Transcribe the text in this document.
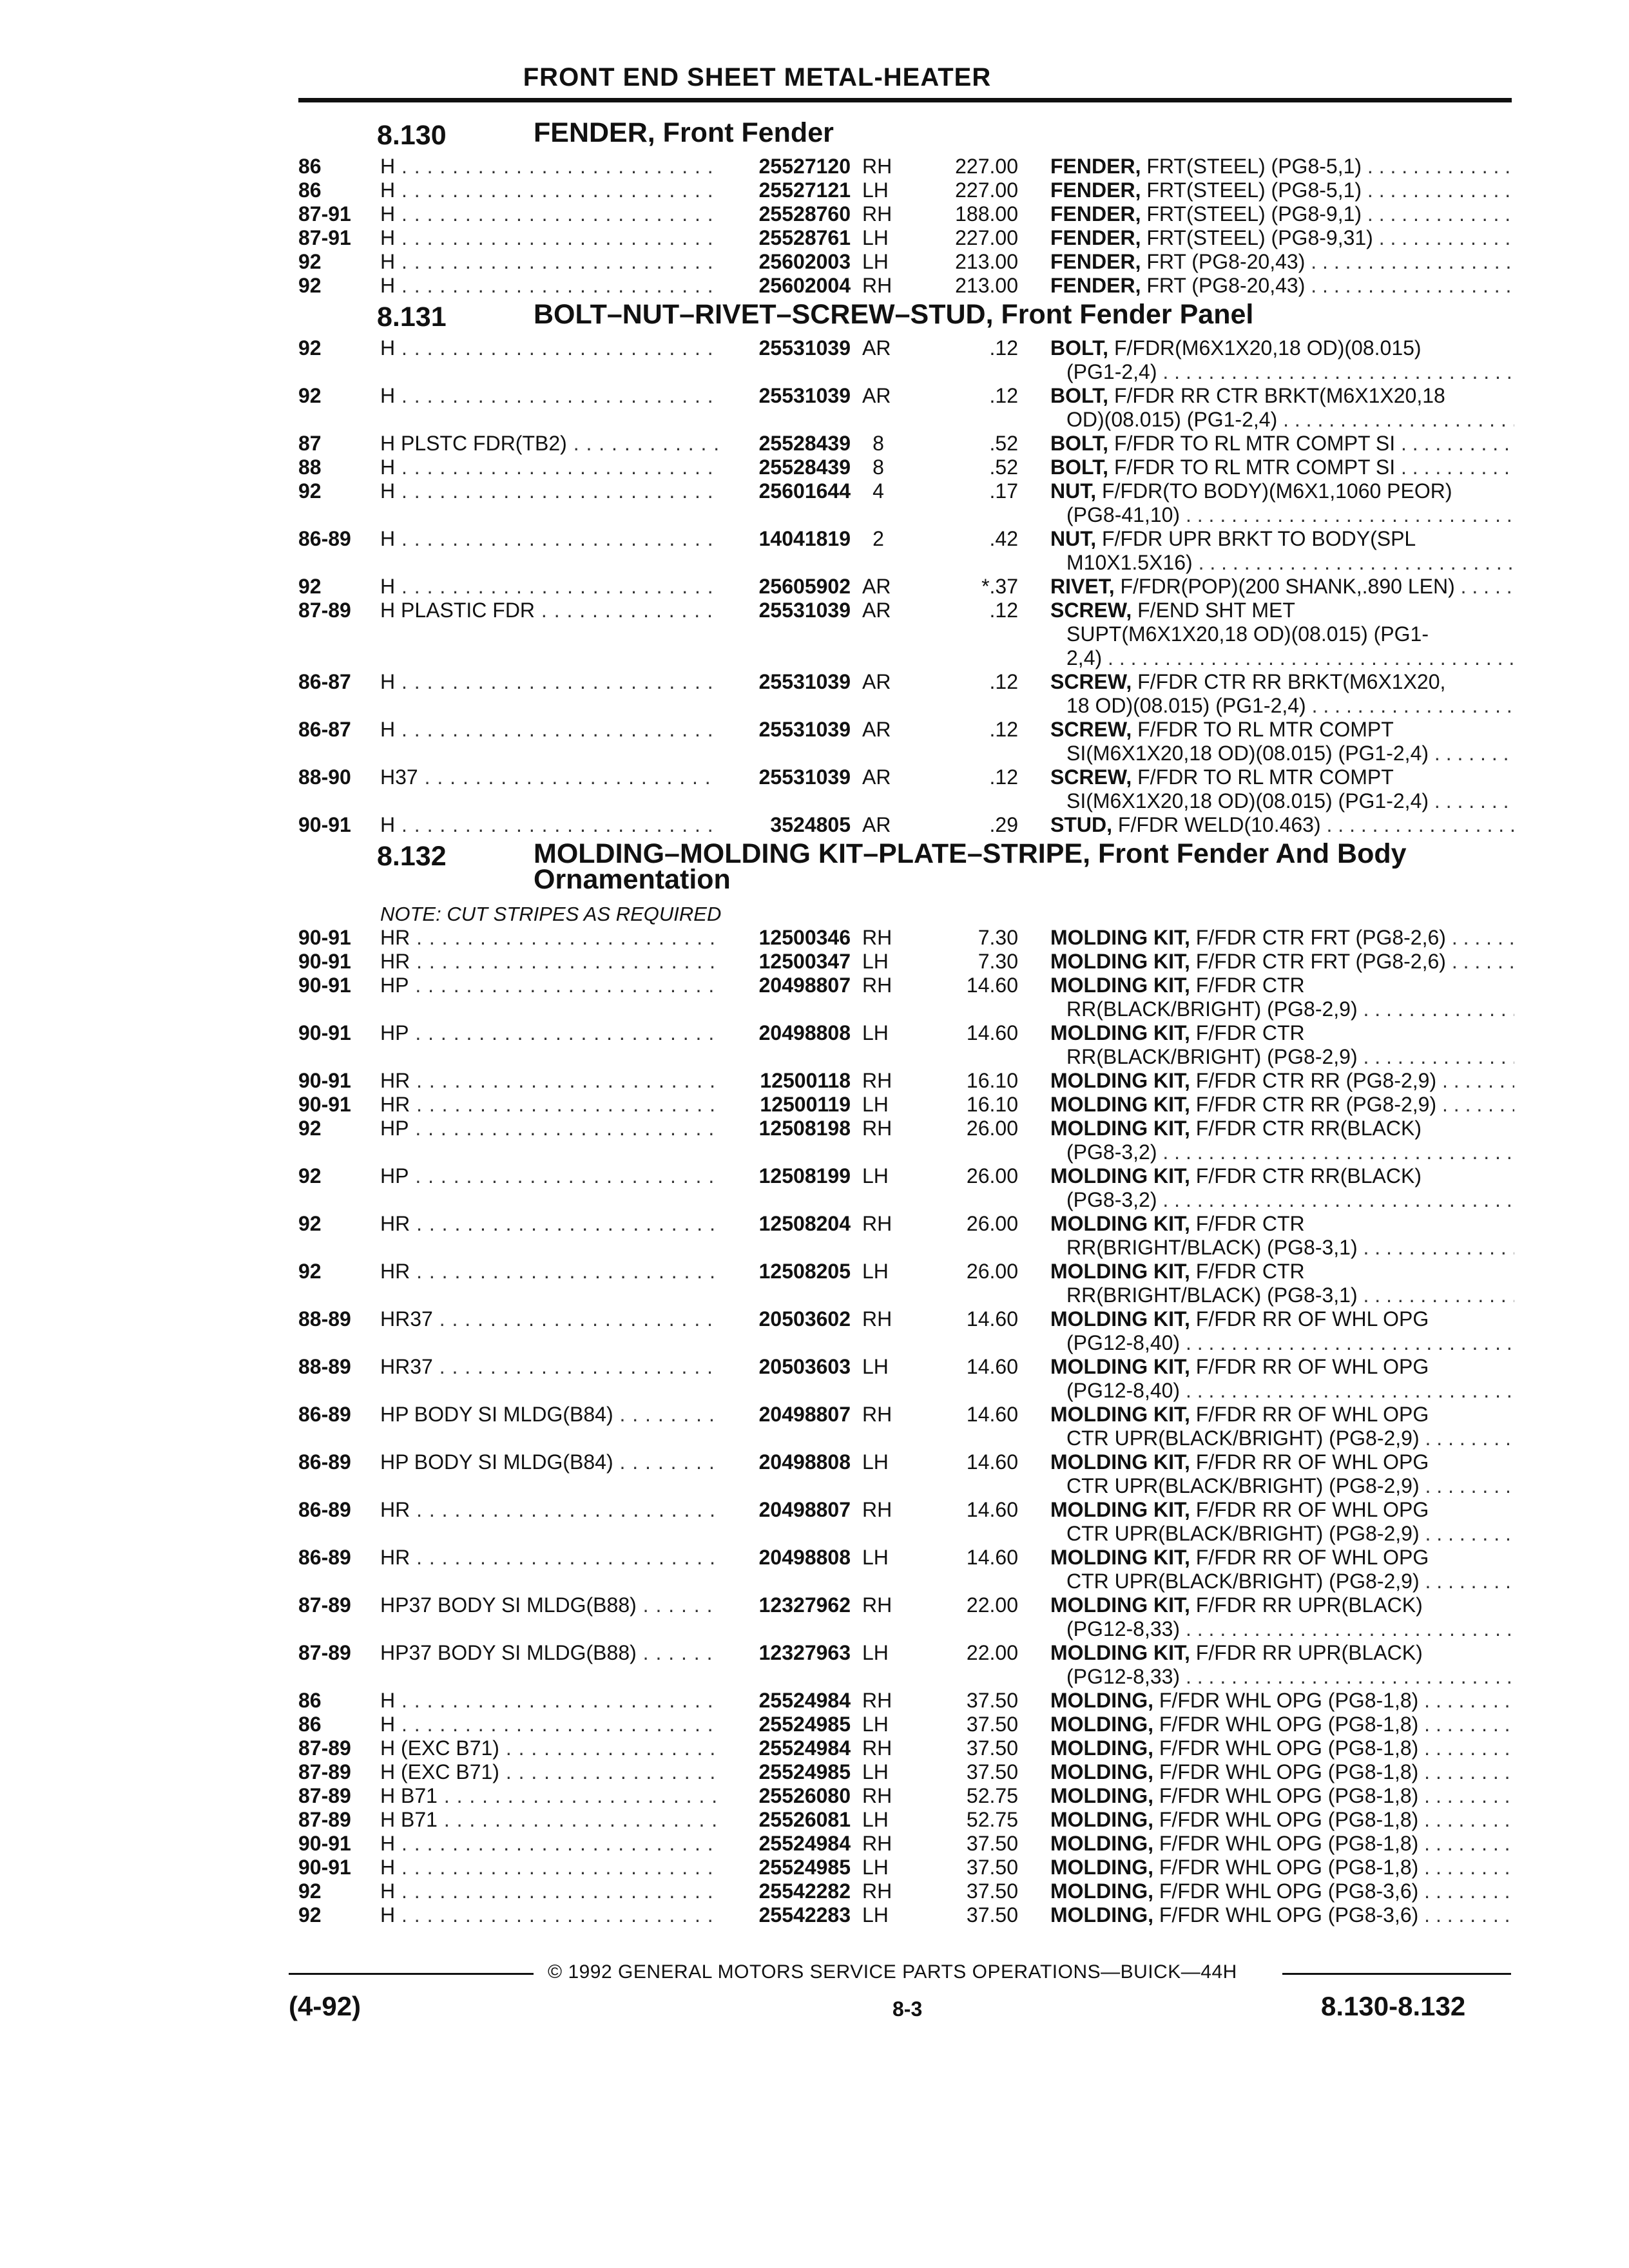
FRONT END SHEET METAL-HEATER
8.130	FENDER, Front Fender
86	H . . .	25527120 RH	227.00 FENDER, FRT(STEEL) (PG8-5,1) . . .
86	H . . .	25527121 LH	227.00 FENDER, FRT(STEEL) (PG8-5,1) . . .
87-91 H . . .	25528760 RH	188.00 FENDER, FRT(STEEL) (PG8-9,1) . . .
87-91 H . . .	25528761 LH	227.00 FENDER, FRT(STEEL) (PG8-9,31) . . .
92	H . . .	25602003 LH	213.00 FENDER, FRT (PG8-20,43) . . .
92	H . . .	25602004 RH	213.00 FENDER, FRT (PG8-20,43) . . .
8.131	BOLT–NUT–RIVET–SCREW–STUD, Front Fender Panel
92	H . . .	25531039 AR	.12 BOLT, F/FDR(M6X1X20,18 OD)(08.015)
(PG1-2,4) . . .
92	H . . .	25531039 AR	.12 BOLT, F/FDR RR CTR BRKT(M6X1X20,18
OD)(08.015) (PG1-2,4) . . .
87	H PLSTC FDR(TB2) . . .	25528439	8	.52 BOLT, F/FDR TO RL MTR COMPT SI . . .
88	H . . .	25528439	8	.52 BOLT, F/FDR TO RL MTR COMPT SI . . .
92	H . . .	25601644	4	.17 NUT, F/FDR(TO BODY)(M6X1,1060 PEOR)
(PG8-41,10) . . .
86-89 H . . .	14041819	2	.42 NUT, F/FDR UPR BRKT TO BODY(SPL
M10X1.5X16) . . .
92	H . . .	25605902 AR	*.37 RIVET, F/FDR(POP)(200 SHANK,.890 LEN) . . .
87-89 H PLASTIC FDR . . .	25531039 AR	.12 SCREW, F/END SHT MET
SUPT(M6X1X20,18 OD)(08.015) (PG1-
2,4) . . .
86-87 H . . .	25531039 AR	.12 SCREW, F/FDR CTR RR BRKT(M6X1X20,
18 OD)(08.015) (PG1-2,4) . . .
86-87 H . . .	25531039 AR	.12 SCREW, F/FDR TO RL MTR COMPT
SI(M6X1X20,18 OD)(08.015) (PG1-2,4) . . .
88-90 H37 . . .	25531039 AR	.12 SCREW, F/FDR TO RL MTR COMPT
SI(M6X1X20,18 OD)(08.015) (PG1-2,4) . . .
90-91 H . . .	3524805 AR	.29 STUD, F/FDR WELD(10.463) . . .
8.132	MOLDING–MOLDING KIT–PLATE–STRIPE, Front Fender And Body
Ornamentation
NOTE: CUT STRIPES AS REQUIRED
90-91 HR . . .	12500346 RH	7.30 MOLDING KIT, F/FDR CTR FRT (PG8-2,6) . . .
90-91 HR . . .	12500347 LH	7.30 MOLDING KIT, F/FDR CTR FRT (PG8-2,6) . . .
90-91 HP . . .	20498807 RH	14.60 MOLDING KIT, F/FDR CTR
RR(BLACK/BRIGHT) (PG8-2,9) . . .
90-91 HP . . .	20498808 LH	14.60 MOLDING KIT, F/FDR CTR
RR(BLACK/BRIGHT) (PG8-2,9) . . .
90-91 HR . . .	12500118 RH	16.10 MOLDING KIT, F/FDR CTR RR (PG8-2,9) . . .
90-91 HR . . .	12500119 LH	16.10 MOLDING KIT, F/FDR CTR RR (PG8-2,9) . . .
92	HP . . .	12508198 RH	26.00 MOLDING KIT, F/FDR CTR RR(BLACK)
(PG8-3,2) . . .
92	HP . . .	12508199 LH	26.00 MOLDING KIT, F/FDR CTR RR(BLACK)
(PG8-3,2) . . .
92	HR . . .	12508204 RH	26.00 MOLDING KIT, F/FDR CTR
RR(BRIGHT/BLACK) (PG8-3,1) . . .
92	HR . . .	12508205 LH	26.00 MOLDING KIT, F/FDR CTR
RR(BRIGHT/BLACK) (PG8-3,1) . . .
88-89 HR37 . . .	20503602 RH	14.60 MOLDING KIT, F/FDR RR OF WHL OPG
(PG12-8,40) . . .
88-89 HR37 . . .	20503603 LH	14.60 MOLDING KIT, F/FDR RR OF WHL OPG
(PG12-8,40) . . .
86-89 HP BODY SI MLDG(B84) . . .	20498807 RH	14.60 MOLDING KIT, F/FDR RR OF WHL OPG
CTR UPR(BLACK/BRIGHT) (PG8-2,9) . . .
86-89 HP BODY SI MLDG(B84) . . .	20498808 LH	14.60 MOLDING KIT, F/FDR RR OF WHL OPG
CTR UPR(BLACK/BRIGHT) (PG8-2,9) . . .
86-89 HR . . .	20498807 RH	14.60 MOLDING KIT, F/FDR RR OF WHL OPG
CTR UPR(BLACK/BRIGHT) (PG8-2,9) . . .
86-89 HR . . .	20498808 LH	14.60 MOLDING KIT, F/FDR RR OF WHL OPG
CTR UPR(BLACK/BRIGHT) (PG8-2,9) . . .
87-89 HP37 BODY SI MLDG(B88) . . .	12327962 RH	22.00 MOLDING KIT, F/FDR RR UPR(BLACK)
(PG12-8,33) . . .
87-89 HP37 BODY SI MLDG(B88) . . .	12327963 LH	22.00 MOLDING KIT, F/FDR RR UPR(BLACK)
(PG12-8,33) . . .
86	H . . .	25524984 RH	37.50 MOLDING, F/FDR WHL OPG (PG8-1,8) . . .
86	H . . .	25524985 LH	37.50 MOLDING, F/FDR WHL OPG (PG8-1,8) . . .
87-89 H (EXC B71) . . .	25524984 RH	37.50 MOLDING, F/FDR WHL OPG (PG8-1,8) . . .
87-89 H (EXC B71) . . .	25524985 LH	37.50 MOLDING, F/FDR WHL OPG (PG8-1,8) . . .
87-89 H B71 . . .	25526080 RH	52.75 MOLDING, F/FDR WHL OPG (PG8-1,8) . . .
87-89 H B71 . . .	25526081 LH	52.75 MOLDING, F/FDR WHL OPG (PG8-1,8) . . .
90-91 H . . .	25524984 RH	37.50 MOLDING, F/FDR WHL OPG (PG8-1,8) . . .
90-91 H . . .	25524985 LH	37.50 MOLDING, F/FDR WHL OPG (PG8-1,8) . . .
92	H . . .	25542282 RH	37.50 MOLDING, F/FDR WHL OPG (PG8-3,6) . . .
92	H . . .	25542283 LH	37.50 MOLDING, F/FDR WHL OPG (PG8-3,6) . . .
© 1992 GENERAL MOTORS SERVICE PARTS OPERATIONS—BUICK—44H
(4-92)	8-3	8.130-8.132
